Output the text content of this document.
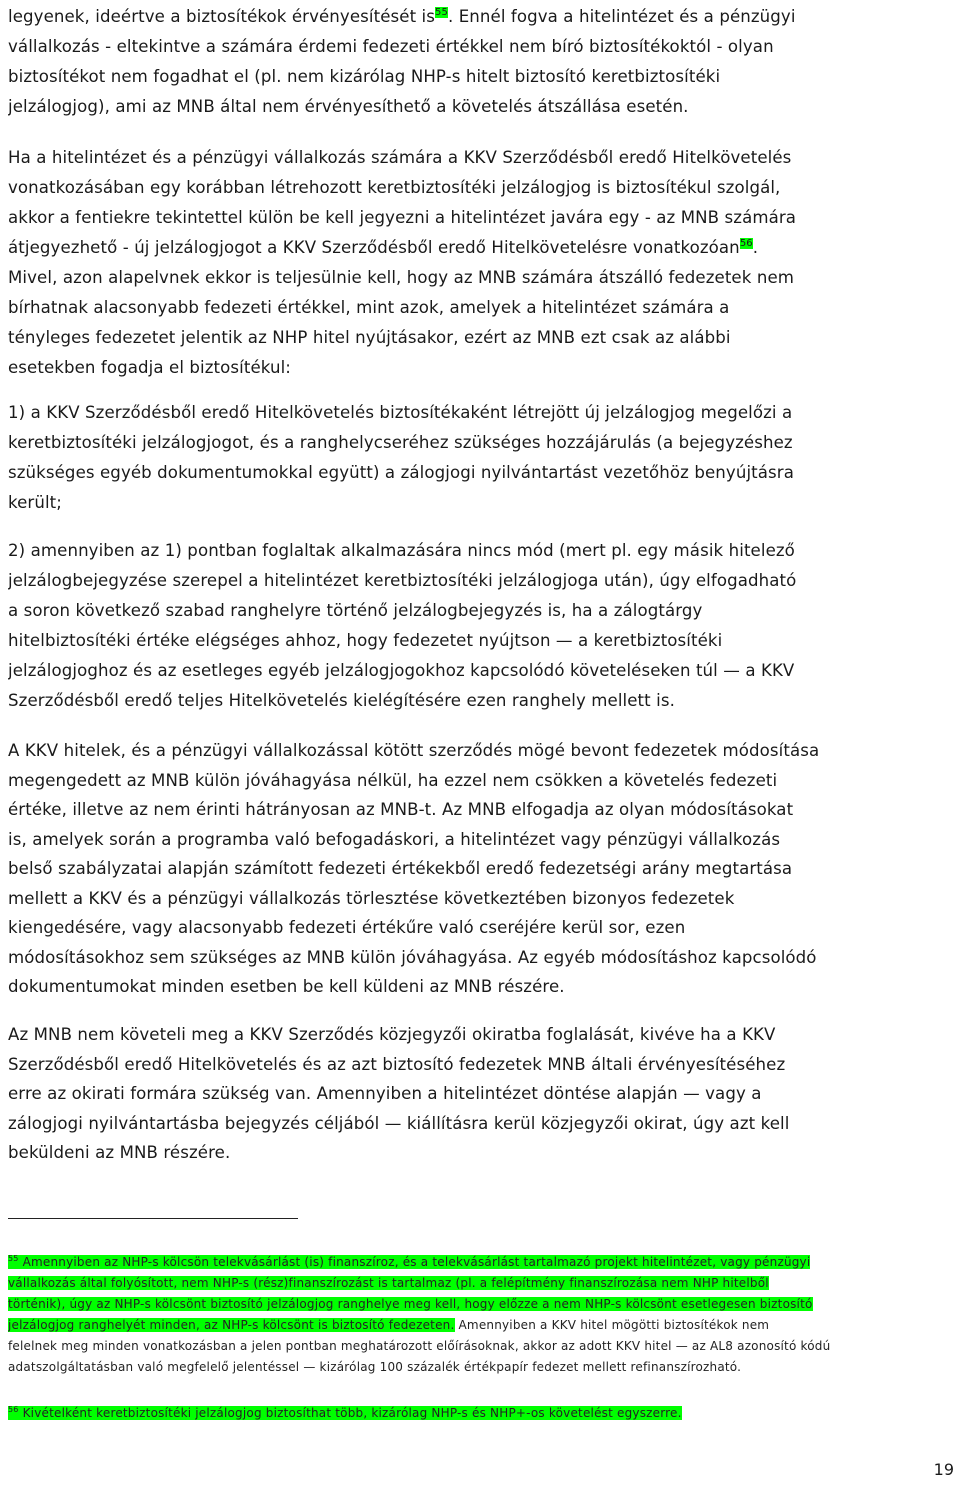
legyenek, ideértve a biztosítékok érvényesítését $is^{55}$. Ennél fogva a hitelintézet és a pénzügyi
vállalkozás - eltekintve a számára érdemi fedezeti értékkel nem bíró biztosítékoktól - olyan
biztosítékot nem fogadhat el (pl. nem kizárólag NHP-s hitelt biztosító keretbiztosítéki
jelzálogjog), ami az MNB által nem érvényesíthető a követelés átszállása esetén.
Ha a hitelintézet és a pénzügyi vállalkozás számára a KKV Szerződésből eredő Hitelkövetelés
vonatkozásában egy korábban létrehozott keretbiztosítéki jelzálogjog is biztosítékul szolgál,
akkor a fentiekre tekintettel külön be kell jegyezni a hitelintézet javára egy - az MNB számára
átjegyezhető - új jelzálogjogot a KKV Szerződésből eredő Hitelkövetelésre vonatkozóan$^{56}$.
Mivel, azon alapelvnek ekkor is teljesülnie kell, hogy az MNB számára átszálló fedezetek nem
bírhatnak alacsonyabb fedezeti értékkel, mint azok, amelyek a hitelintézet számára a
tényleges fedezetet jelentik az NHP hitel nyújtásakor, ezért az MNB ezt csak az alábbi
esetekben fogadja el biztosítékul:
1) a KKV Szerződésből eredő Hitelkövetelés biztosítékaként létrejött új jelzálogjog megelőzi a
keretbiztosítéki jelzálogjogot, és a ranghelycseréhez szükséges hozzájárulás (a bejegyzéshez
szükséges egyéb dokumentumokkal együtt) a zálogjogi nyilvántartást vezetőhöz benyújtásra
került;
2) amennyiben az 1) pontban foglaltak alkalmazására nincs mód (mert pl. egy másik hitelező
jelzálogbejegyzése szerepel a hitelintézet keretbiztosítéki jelzálogjoga után), úgy elfogadható
a soron következő szabad ranghelyre történő jelzálogbejegyzés is, ha a zálogtárgy
hitelbiztosítéki értéke elégséges ahhoz, hogy fedezetet nyújtson — a keretbiztosítéki
jelzálogjoghoz és az esetleges egyéb jelzálogjogokhoz kapcsolódó követeléseken túl — a KKV
Szerződésből eredő teljes Hitelkövetelés kielégítésére ezen ranghely mellett is.
A KKV hitelek, és a pénzügyi vállalkozással kötött szerződés mögé bevont fedezetek módosítása
megengedett az MNB külön jóváhagyása nélkül, ha ezzel nem csökken a követelés fedezeti
értéke, illetve az nem érinti hátrányosan az MNB-t. Az MNB elfogadja az olyan módosításokat
is, amelyek során a programba való befogadáskori, a hitelintézet vagy pénzügyi vállalkozás
belső szabályzatai alapján számított fedezeti értékekből eredő fedezetségi arány megtartása
mellett a KKV és a pénzügyi vállalkozás törlesztése következtében bizonyos fedezetek
kiengedésére, vagy alacsonyabb fedezeti értékűre való cseréjére kerül sor, ezen
módosításokhoz sem szükséges az MNB külön jóváhagyása. Az egyéb módosításhoz kapcsolódó
dokumentumokat minden esetben be kell küldeni az MNB részére.
Az MNB nem követeli meg a KKV Szerződés közjegyzői okiratba foglalását, kivéve ha a KKV
Szerződésből eredő Hitelkövetelés és az azt biztosító fedezetek MNB általi érvényesítéséhez
erre az okirati formára szükség van. Amennyiben a hitelintézet döntése alapján — vagy a
zálogjogi nyilvántartásba bejegyzés céljából — kiállításra kerül közjegyzői okirat, úgy azt kell
beküldeni az MNB részére.
$^{55}$ Amennyiben az NHP-s kölcsön telekvásárlást (is) finanszíroz, és a telekvásárlást tartalmazó projekt hitelintézet, vagy pénzügyi
vállalkozás által folyósított, nem NHP-s (rész)finanszírozást is tartalmaz (pl. a felépítmény finanszírozása nem NHP hitelből
történik), úgy az NHP-s kölcsönt biztosító jelzálogjog ranghelye meg kell, hogy előzze a nem NHP-s kölcsönt esetlegesen biztosító
jelzálogjog ranghelyét minden, az NHP-s kölcsönt is biztosító fedezeten. Amennyiben a KKV hitel mögötti biztosítékok nem
felelnek meg minden vonatkozásban a jelen pontban meghatározott előírásoknak, akkor az adott KKV hitel — az AL8 azonosító kódú
adatszolgáltatásban való megfelelő jelentéssel — kizárólag 100 százalék értékpapír fedezet mellett refinanszírozható.
$^{56}$ Kivételként keretbiztosítéki jelzálogjog biztosíthat több, kizárólag NHP-s és NHP+-os követelést egyszerre.
19
